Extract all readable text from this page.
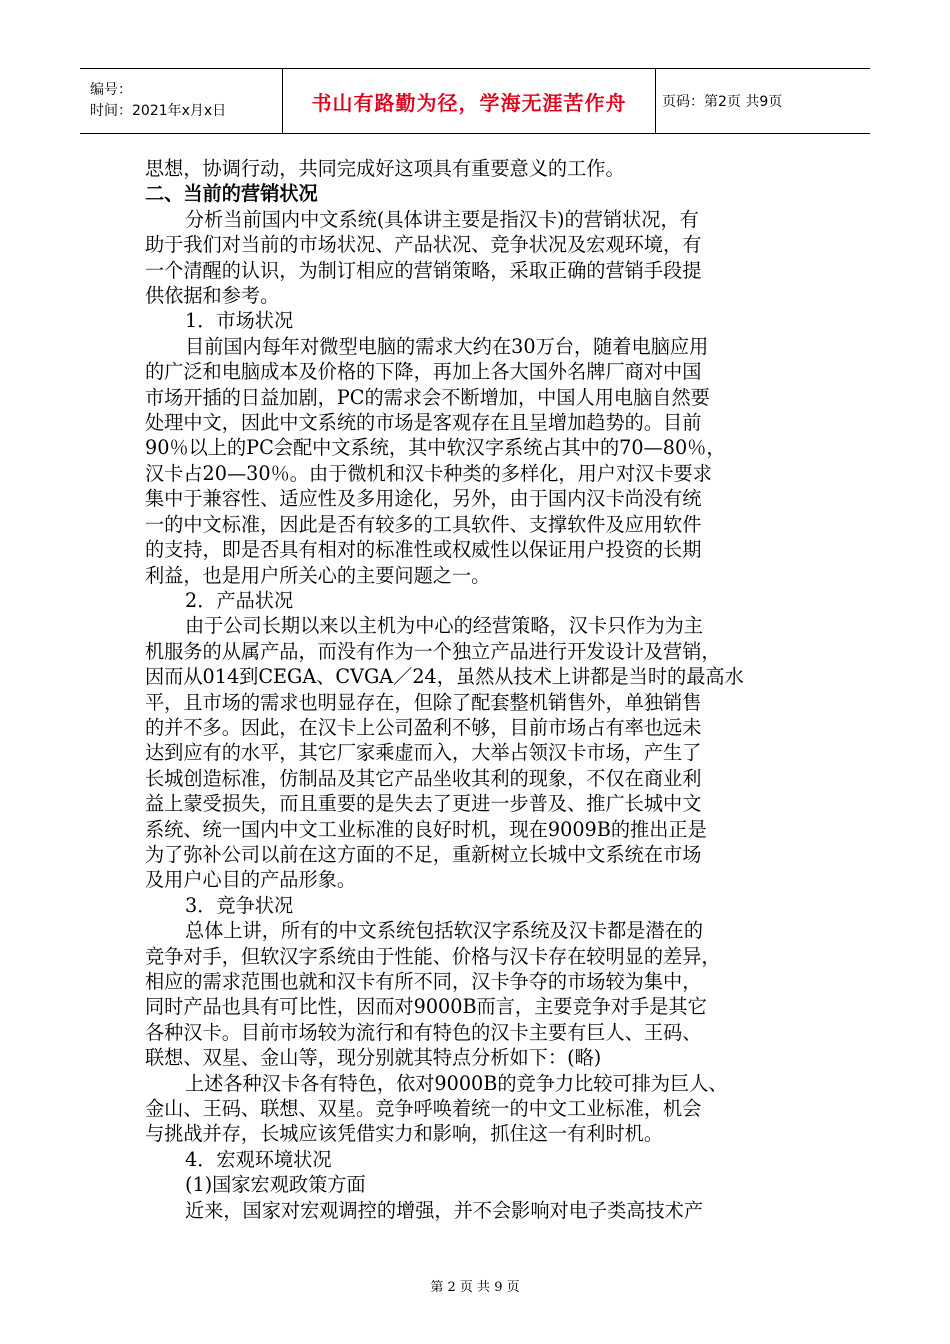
编号：
时间：2021年x月x日	书山有路勤为径，学海无涯苦作舟	页码：第2页 共9页

思想，协调行动，共同完成好这项具有重要意义的工作。

二、当前的营销状况

分析当前国内中文系统(具体讲主要是指汉卡)的营销状况，有

助于我们对当前的市场状况、产品状况、竞争状况及宏观环境，有

一个清醒的认识，为制订相应的营销策略，采取正确的营销手段提

供依据和参考。

1．市场状况

目前国内每年对微型电脑的需求大约在30万台，随着电脑应用

的广泛和电脑成本及价格的下降，再加上各大国外名牌厂商对中国

市场开插的日益加剧，PC的需求会不断增加，中国人用电脑自然要

处理中文，因此中文系统的市场是客观存在且呈增加趋势的。目前

90％以上的PC会配中文系统，其中软汉字系统占其中的70—80％，

汉卡占20—30％。由于微机和汉卡种类的多样化，用户对汉卡要求

集中于兼容性、适应性及多用途化，另外，由于国内汉卡尚没有统

一的中文标准，因此是否有较多的工具软件、支撑软件及应用软件

的支持，即是否具有相对的标准性或权威性以保证用户投资的长期

利益，也是用户所关心的主要问题之一。

2．产品状况

由于公司长期以来以主机为中心的经营策略，汉卡只作为为主

机服务的从属产品，而没有作为一个独立产品进行开发设计及营销，

因而从014到CEGA、CVGA／24，虽然从技术上讲都是当时的最高水

平，且市场的需求也明显存在，但除了配套整机销售外，单独销售

的并不多。因此，在汉卡上公司盈利不够，目前市场占有率也远未

达到应有的水平，其它厂家乘虚而入，大举占领汉卡市场，产生了

长城创造标准，仿制品及其它产品坐收其利的现象，不仅在商业利

益上蒙受损失，而且重要的是失去了更进一步普及、推广长城中文

系统、统一国内中文工业标准的良好时机，现在9009B的推出正是

为了弥补公司以前在这方面的不足，重新树立长城中文系统在市场

及用户心目的产品形象。

3．竞争状况

总体上讲，所有的中文系统包括软汉字系统及汉卡都是潜在的

竞争对手，但软汉字系统由于性能、价格与汉卡存在较明显的差异，

相应的需求范围也就和汉卡有所不同，汉卡争夺的市场较为集中，

同时产品也具有可比性，因而对9000B而言，主要竞争对手是其它

各种汉卡。目前市场较为流行和有特色的汉卡主要有巨人、王码、

联想、双星、金山等，现分别就其特点分析如下：(略)

上述各种汉卡各有特色，依对9000B的竞争力比较可排为巨人、

金山、王码、联想、双星。竞争呼唤着统一的中文工业标准，机会

与挑战并存，长城应该凭借实力和影响，抓住这一有利时机。

4．宏观环境状况

(1)国家宏观政策方面

近来，国家对宏观调控的增强，并不会影响对电子类高技术产

第 2 页 共 9 页
